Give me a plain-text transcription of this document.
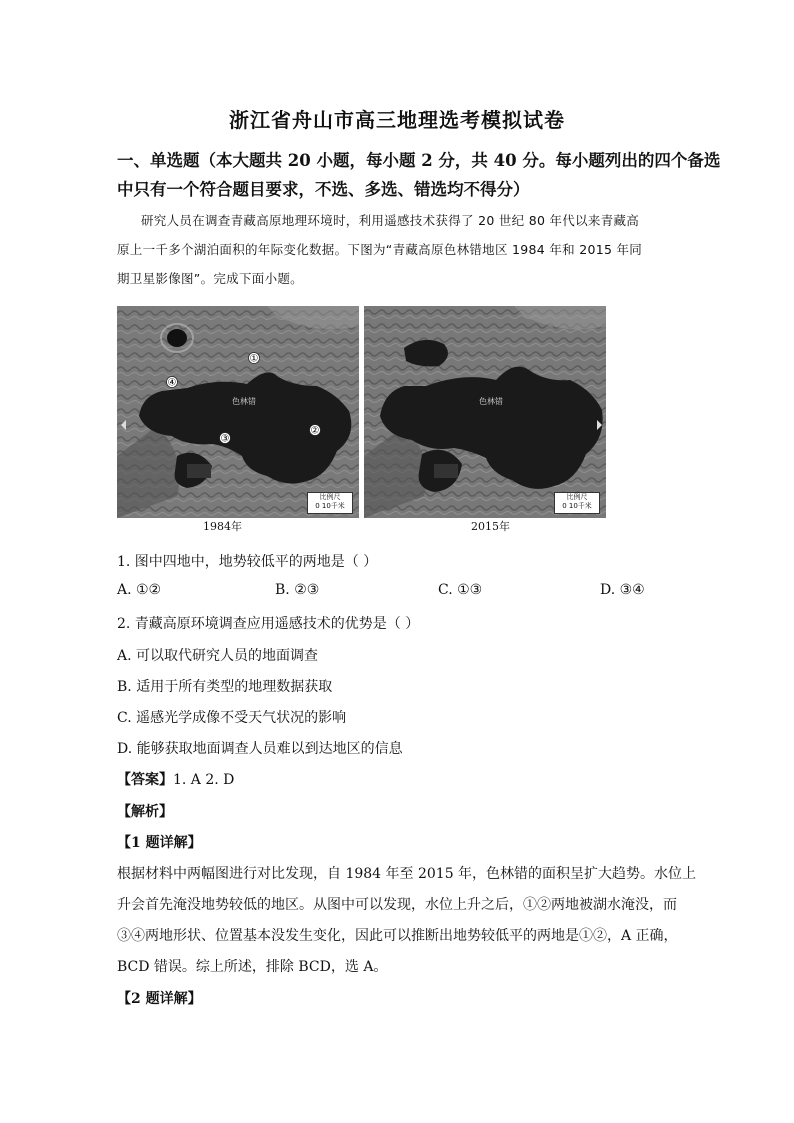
浙江省舟山市高三地理选考模拟试卷
一、单选题（本大题共 20 小题，每小题 2 分，共 40 分。每小题列出的四个备选
中只有一个符合题目要求，不选、多选、错选均不得分）
研究人员在调查青藏高原地理环境时，利用遥感技术获得了 20 世纪 80 年代以来青藏高
原上一千多个湖泊面积的年际变化数据。下图为“青藏高原色林错地区 1984 年和 2015 年同
期卫星影像图”。完成下面小题。
色林错
①
②
③
④
比例尺
0 10千米
色林错
比例尺
0 10千米
1984年	2015年
1. 图中四地中，地势较低平的两地是（ ）
A. ①②	B. ②③	C. ①③	D. ③④
2. 青藏高原环境调查应用遥感技术的优势是（ ）
A. 可以取代研究人员的地面调查
B. 适用于所有类型的地理数据获取
C. 遥感光学成像不受天气状况的影响
D. 能够获取地面调查人员难以到达地区的信息
【答案】1. A 2. D
【解析】
【1 题详解】
根据材料中两幅图进行对比发现，自 1984 年至 2015 年，色林错的面积呈扩大趋势。水位上
升会首先淹没地势较低的地区。从图中可以发现，水位上升之后，①②两地被湖水淹没，而
③④两地形状、位置基本没发生变化，因此可以推断出地势较低平的两地是①②，A 正确，
BCD 错误。综上所述，排除 BCD，选 A。
【2 题详解】
